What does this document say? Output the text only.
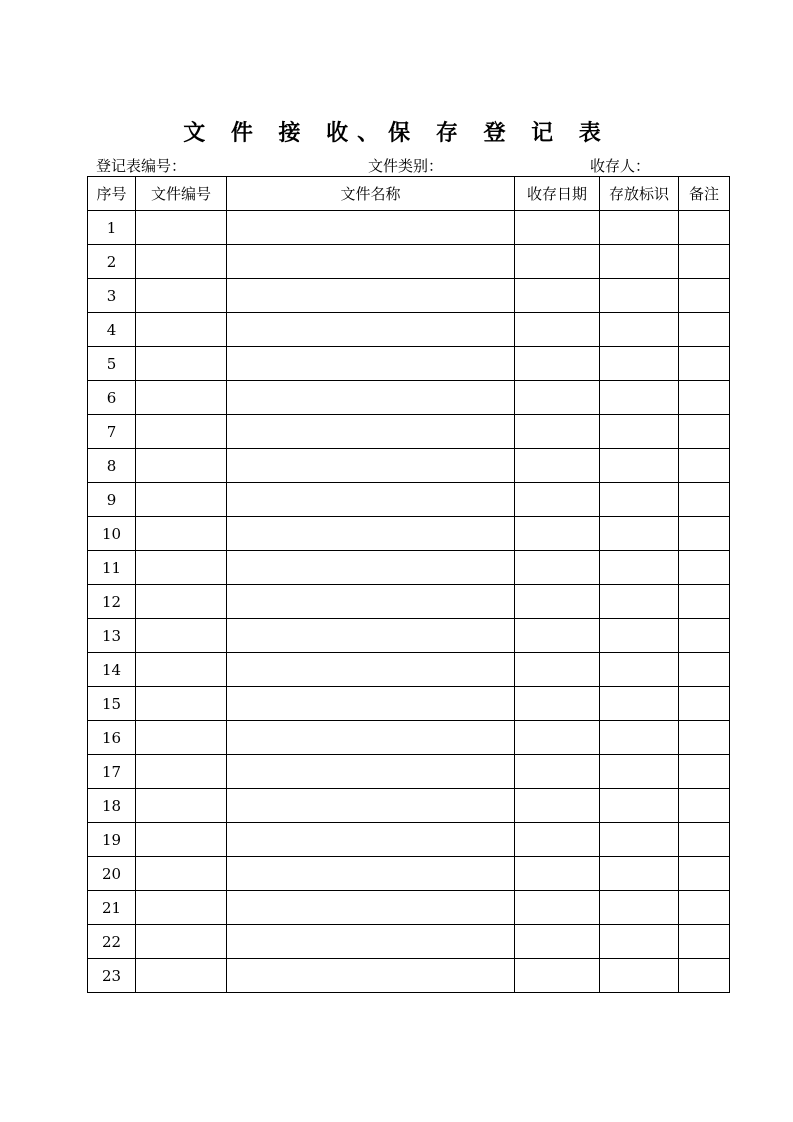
文 件 接 收、保 存 登 记 表
登记表编号：	文件类别：	收存人：
序号	文件编号	文件名称	收存日期	存放标识	备注
1					
2					
3					
4					
5					
6					
7					
8					
9					
10					
11					
12					
13					
14					
15					
16					
17					
18					
19					
20					
21					
22					
23					
